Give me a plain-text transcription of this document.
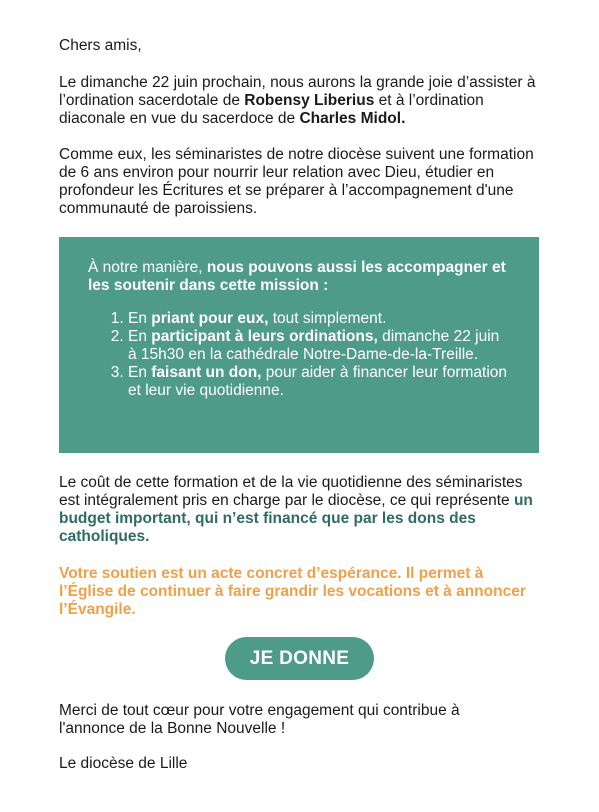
Chers amis,

Le dimanche 22 juin prochain, nous aurons la grande joie d’assister à l’ordination sacerdotale de Robensy Liberius et à l’ordination diaconale en vue du sacerdoce de Charles Midol.

Comme eux, les séminaristes de notre diocèse suivent une formation de 6 ans environ pour nourrir leur relation avec Dieu, étudier en profondeur les Écritures et se préparer à l’accompagnement d'une communauté de paroissiens.

À notre manière, nous pouvons aussi les accompagner et les soutenir dans cette mission :

1. En priant pour eux, tout simplement.
2. En participant à leurs ordinations, dimanche 22 juin à 15h30 en la cathédrale Notre-Dame-de-la-Treille.
3. En faisant un don, pour aider à financer leur formation et leur vie quotidienne.

Le coût de cette formation et de la vie quotidienne des séminaristes est intégralement pris en charge par le diocèse, ce qui représente un budget important, qui n’est financé que par les dons des catholiques.

Votre soutien est un acte concret d’espérance. Il permet à l’Église de continuer à faire grandir les vocations et à annoncer l’Évangile.

JE DONNE

Merci de tout cœur pour votre engagement qui contribue à l'annonce de la Bonne Nouvelle !

Le diocèse de Lille
